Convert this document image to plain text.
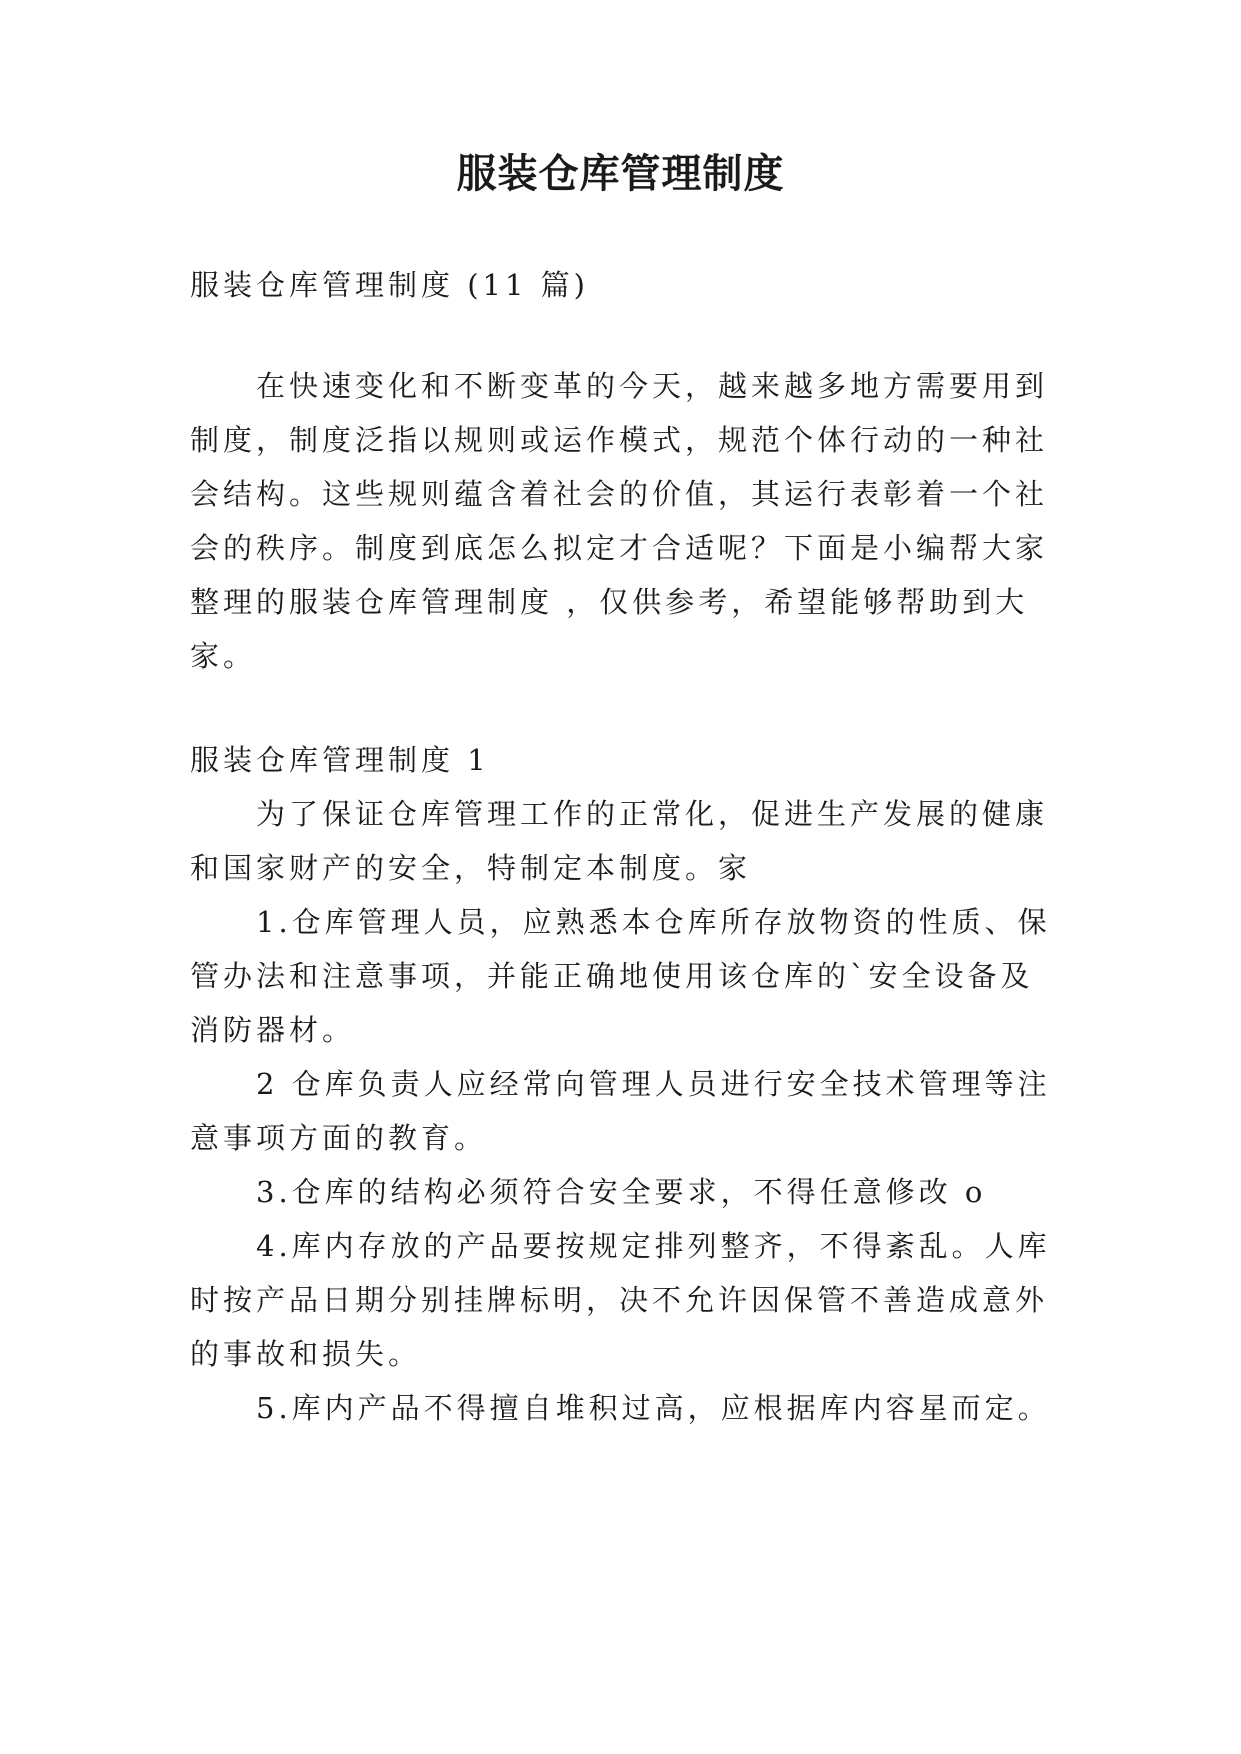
服装仓库管理制度
服装仓库管理制度 (11 篇)
在快速变化和不断变革的今天，越来越多地方需要用到
制度，制度泛指以规则或运作模式，规范个体行动的一种社
会结构。这些规则蕴含着社会的价值，其运行表彰着一个社
会的秩序。制度到底怎么拟定才合适呢？下面是小编帮大家
整理的服装仓库管理制度 ，仅供参考，希望能够帮助到大
家。
服装仓库管理制度 1
为了保证仓库管理工作的正常化，促进生产发展的健康
和国家财产的安全，特制定本制度。家
1.仓库管理人员，应熟悉本仓库所存放物资的性质、保
管办法和注意事项，并能正确地使用该仓库的`安全设备及
消防器材。
2 仓库负责人应经常向管理人员进行安全技术管理等注
意事项方面的教育。
3.仓库的结构必须符合安全要求，不得任意修改 o
4.库内存放的产品要按规定排列整齐，不得紊乱。人库
时按产品日期分别挂牌标明，决不允许因保管不善造成意外
的事故和损失。
5.库内产品不得擅自堆积过高，应根据库内容星而定。
